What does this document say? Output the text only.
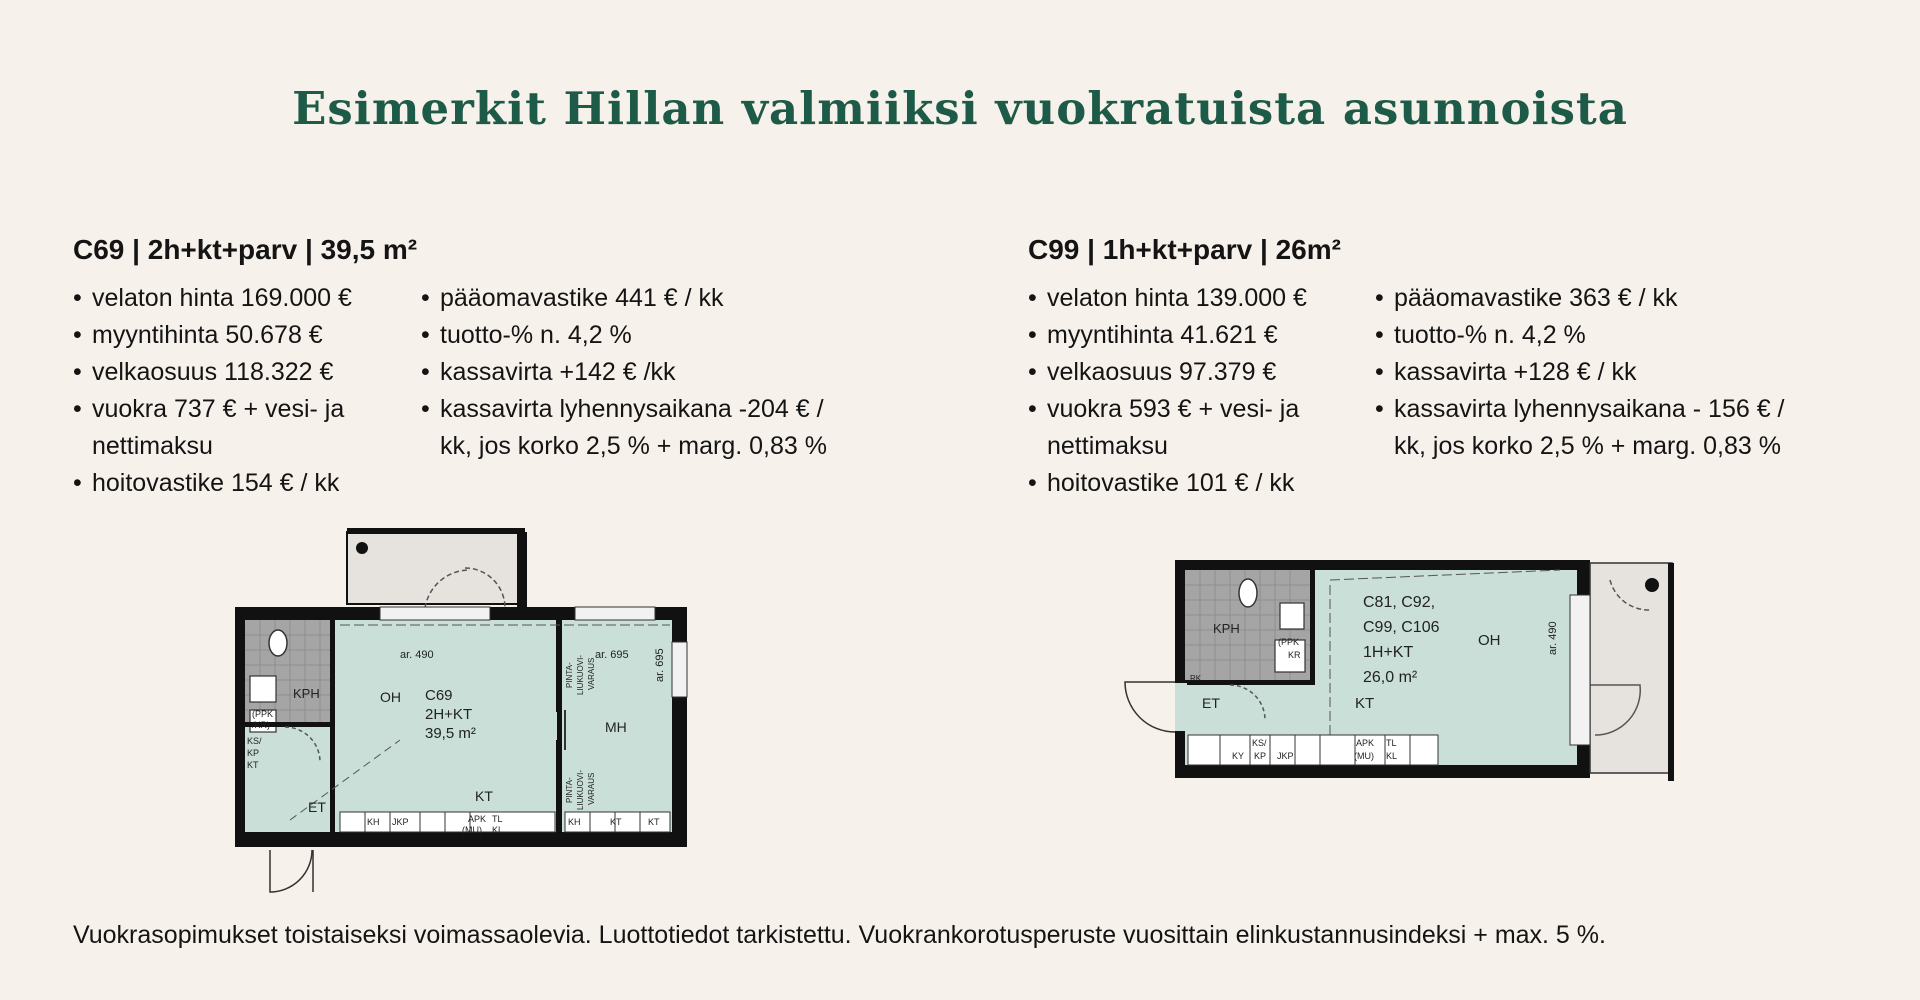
Esimerkit Hillan valmiiksi vuokratuista asunnoista
C69 | 2h+kt+parv | 39,5 m²
• velaton hinta 169.000 €
• myyntihinta 50.678 €
• velkaosuus 118.322 €
• vuokra 737 € + vesi- ja nettimaksu
• hoitovastike 154 € / kk
• pääomavastike 441 € / kk
• tuotto-% n. 4,2 %
• kassavirta +142 € /kk
• kassavirta lyhennysaikana -204 € / kk, jos korko 2,5 % + marg. 0,83 %
C99 | 1h+kt+parv | 26m²
• velaton hinta 139.000 €
• myyntihinta 41.621 €
• velkaosuus 97.379 €
• vuokra 593 € + vesi- ja nettimaksu
• hoitovastike 101 € / kk
• pääomavastike 363 € / kk
• tuotto-% n. 4,2 %
• kassavirta +128 € / kk
• kassavirta lyhennysaikana - 156 € / kk, jos korko 2,5 % + marg. 0,83 %
C69
2H+KT
39,5 m²
OH
MH
KPH
KT
ET
ar. 490	ar. 695 ar. 695
(PPK
/KR)
KS/
KP
KT
KH JKP	APK
(MU)
TL
KL
KH	KT	KT
PINTA- LIUKUOVI- VARAUS
PINTA- LIUKUOVI- VARAUS
C81, C92,
C99, C106
1H+KT
26,0 m²
OH
KPH
KT
ET
ar. 490
(PPK
KR
RK
KS/
KP
KY	JKP
APK
(MU)
TL
KL

Vuokrasopimukset toistaiseksi voimassaolevia. Luottotiedot tarkistettu. Vuokrankorotusperuste vuosittain elinkustannusindeksi + max. 5 %.
